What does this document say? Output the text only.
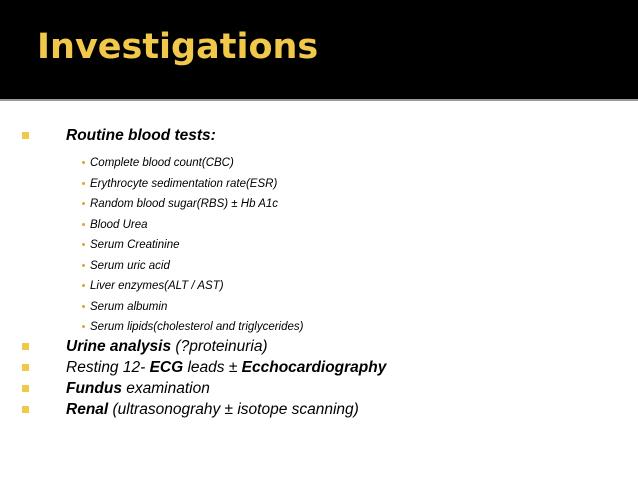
Investigations
Routine blood tests:
Complete blood count(CBC)
Erythrocyte sedimentation rate(ESR)
Random blood sugar(RBS) ± Hb A1c
Blood Urea
Serum Creatinine
Serum uric acid
Liver enzymes(ALT / AST)
Serum albumin
Serum lipids(cholesterol and triglycerides)
Urine analysis (?proteinuria)
Resting 12- ECG leads ± Ecchocardiography
Fundus examination
Renal (ultrasonograhy ± isotope scanning)
